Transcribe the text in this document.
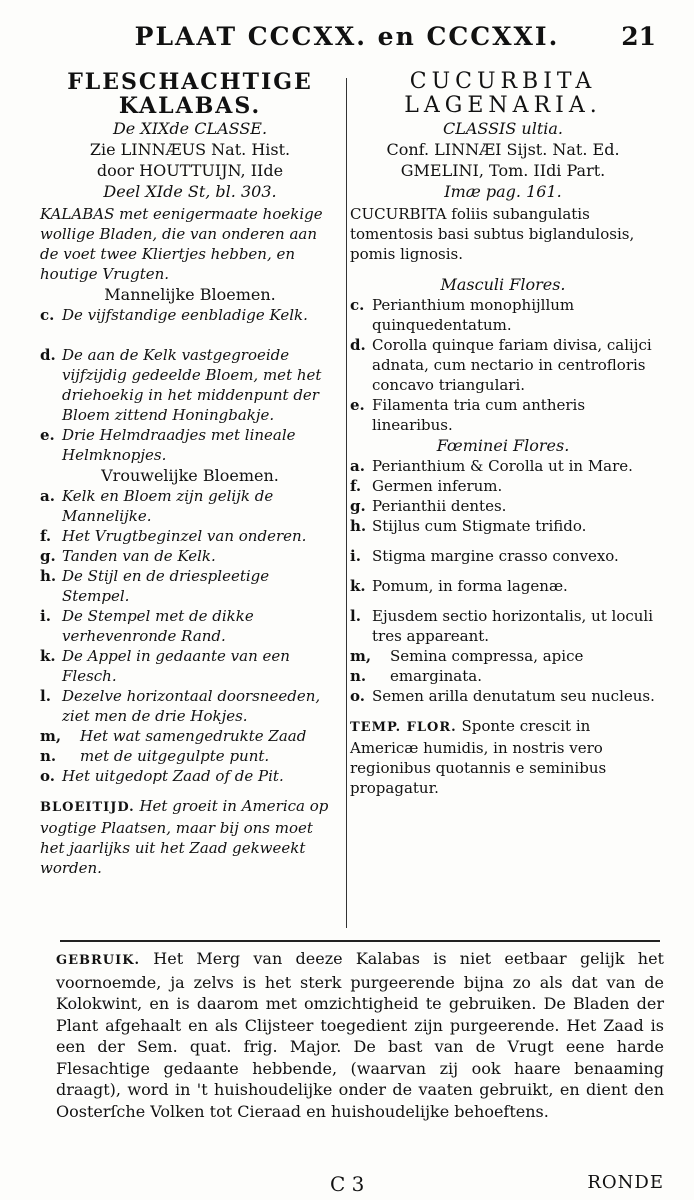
PLAAT CCCXX. en CCCXXI.	21
FLESCHACHTIGE
KALABAS.
De XIXde CLASSE.
Zie LINNÆUS Nat. Hist.
door HOUTTUIJN, IIde
Deel XIde St, bl. 303.
KALABAS met eenigermaate hoekige wollige Bladen, die van onderen aan de voet twee Kliertjes hebben, en houtige Vrugten.
Mannelijke Bloemen.
c. De vijfstandige eenbladige Kelk.
d. De aan de Kelk vastgegroeide vijfzijdig gedeelde Bloem, met het driehoekig in het middenpunt der Bloem zittend Honingbakje.
e. Drie Helmdraadjes met lineale Helmknopjes.
Vrouwelijke Bloemen.
a. Kelk en Bloem zijn gelijk de Mannelijke.
f. Het Vrugtbeginzel van onderen.
g. Tanden van de Kelk.
h. De Stijl en de driespleetige Stempel.
i. De Stempel met de dikke verhevenronde Rand.
k. De Appel in gedaante van een Flesch.
l. Dezelve horizontaal doorsneeden, ziet men de drie Hokjes.
m, n.
Het wat samengedrukte Zaad met de uitgegulpte punt.
o. Het uitgedopt Zaad of de Pit.
BLOEITIJD. Het groeit in America op vogtige Plaatsen, maar bij ons moet het jaarlijks uit het Zaad gekweekt worden.
CUCURBITA
LAGENARIA.
CLASSIS ultia.
Conf. LINNÆI Sijst. Nat. Ed.
GMELINI, Tom. IIdi Part.
Imæ pag. 161.
CUCURBITA foliis subangulatis tomentosis basi subtus biglandulosis, pomis lignosis.
Masculi Flores.
c. Perianthium monophijllum quinquedentatum.
d. Corolla quinque fariam divisa, calijci adnata, cum nectario in centrofloris concavo triangulari.
e. Filamenta tria cum antheris linearibus.
Fœminei Flores.
a. Perianthium & Corolla ut in Mare.
f. Germen inferum.
g. Perianthii dentes.
h. Stijlus cum Stigmate trifido.
i. Stigma margine crasso convexo.
k. Pomum, in forma lagenæ.
l. Ejusdem sectio horizontalis, ut loculi tres appareant.
m, n.
Semina compressa, apice emarginata.
o. Semen arilla denutatum seu nucleus.
TEMP. FLOR. Sponte crescit in Americæ humidis, in nostris vero regionibus quotannis e seminibus propagatur.
GEBRUIK. Het Merg van deeze Kalabas is niet eetbaar gelijk het voornoemde, ja zelvs is het sterk purgeerende bijna zo als dat van de Kolokwint, en is daarom met omzichtigheid te gebruiken. De Bladen der Plant afgehaalt en als Clijsteer toegedient zijn purgeerende. Het Zaad is een der Sem. quat. frig. Major. De bast van de Vrugt eene harde Flesachtige gedaante hebbende, (waarvan zij ook haare benaaming draagt), word in 't huishoudelijke onder de vaaten gebruikt, en dient den Oosterſche Volken tot Cieraad en huishoudelijke behoeftens.
C 3	RONDE
